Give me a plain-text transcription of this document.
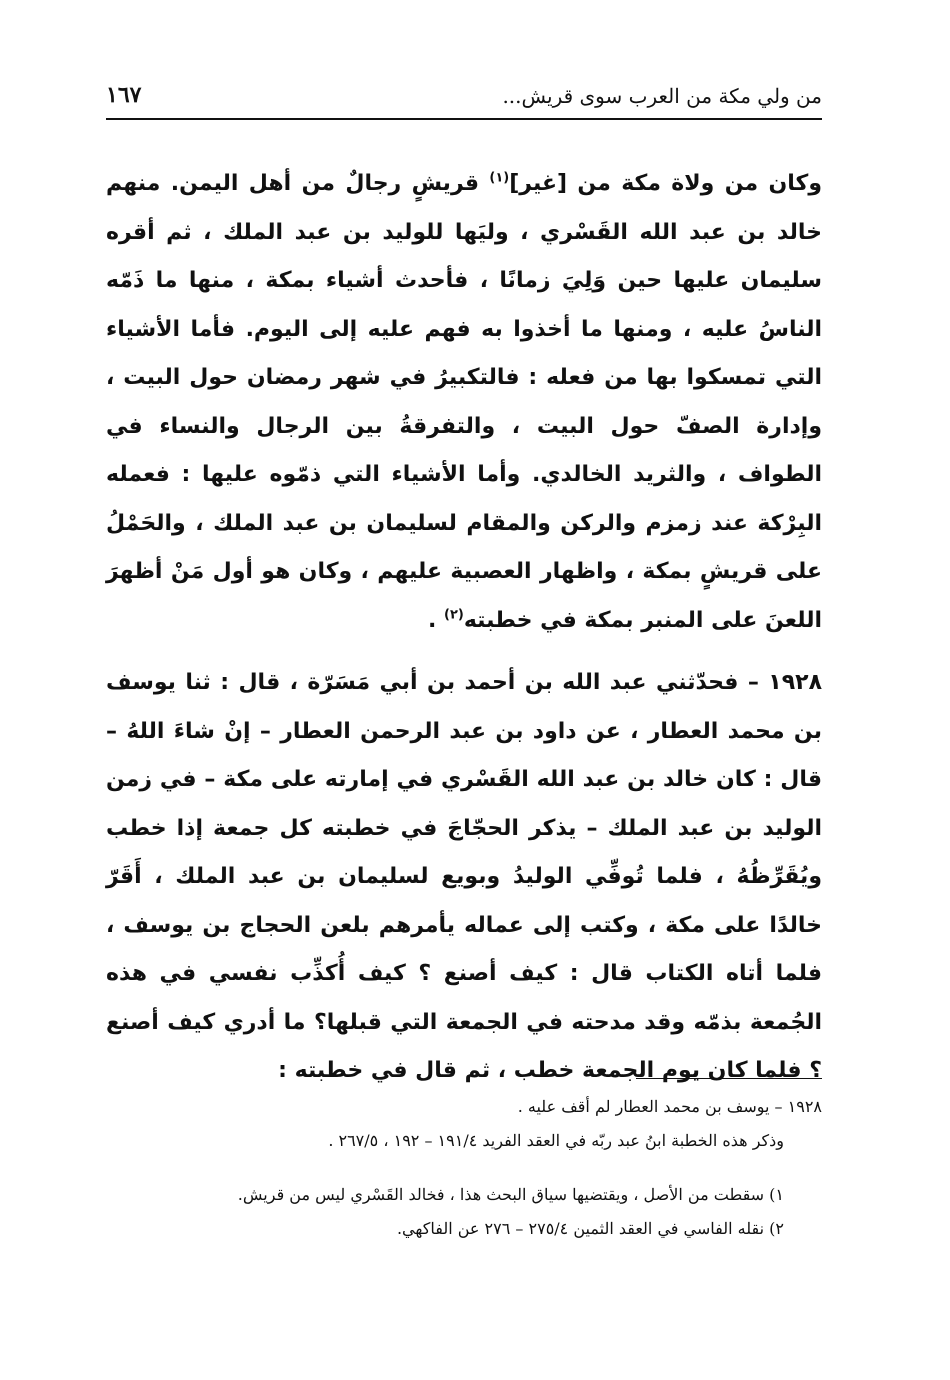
من ولي مكة من العرب سوى قريش...
١٦٧

وكان من ولاة مكة من [غير]$^{(١)}$ قريشٍ رجالٌ من أهل اليمن. منهم خالد بن عبد الله القَسْري ، وليَها للوليد بن عبد الملك ، ثم أقره سليمان عليها حين وَلِيَ زمانًا ، فأحدث أشياء بمكة ، منها ما ذَمّه الناسُ عليه ، ومنها ما أخذوا به فهم عليه إلى اليوم. فأما الأشياء التي تمسكوا بها من فعله : فالتكبيرُ في شهر رمضان حول البيت ، وإدارة الصفّ حول البيت ، والتفرقةُ بين الرجال والنساء في الطواف ، والثريد الخالدي. وأما الأشياء التي ذمّوه عليها : فعمله البِرْكة عند زمزم والركن والمقام لسليمان بن عبد الملك ، والحَمْلُ على قريشٍ بمكة ، واظهار العصبية عليهم ، وكان هو أول مَنْ أظهرَ اللعنَ على المنبر بمكة في خطبته$^{(٢)}$ .

١٩٢٨ – فحدّثني عبد الله بن أحمد بن أبي مَسَرّة ، قال : ثنا يوسف بن محمد العطار ، عن داود بن عبد الرحمن العطار – إنْ شاءَ اللهُ – قال : كان خالد بن عبد الله القَسْري في إمارته على مكة – في زمن الوليد بن عبد الملك – يذكر الحجّاجَ في خطبته كل جمعة إذا خطب ويُقَرِّظُهُ ، فلما تُوفِّي الوليدُ وبويع لسليمان بن عبد الملك ، أَقَرّ خالدًا على مكة ، وكتب إلى عماله يأمرهم بلعن الحجاج بن يوسف ، فلما أتاه الكتاب قال : كيف أصنع ؟ كيف أُكذِّب نفسي في هذه الجُمعة بذمّه وقد مدحته في الجمعة التي قبلها؟ ما أدري كيف أصنع ؟ فلما كان يوم الجمعة خطب ، ثم قال في خطبته :

١٩٢٨ – يوسف بن محمد العطار لم أقف عليه .

وذكر هذه الخطبة ابنُ عبد ربّه في العقد الفريد ١٩١/٤ – ١٩٢ ، ٢٦٧/٥ .

١) سقطت من الأصل ، ويقتضيها سياق البحث هذا ، فخالد القَسْري ليس من قريش.

٢) نقله الفاسي في العقد الثمين ٢٧٥/٤ – ٢٧٦ عن الفاكهي.
